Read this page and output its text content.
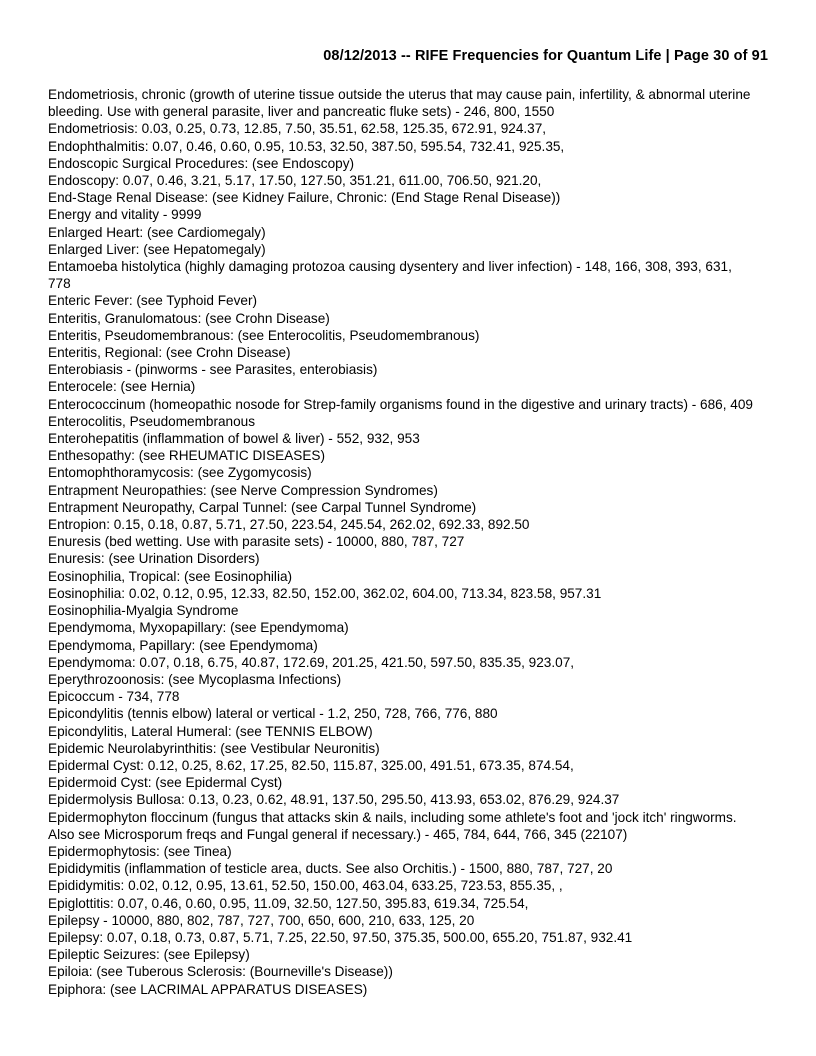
08/12/2013 -- RIFE Frequencies for Quantum Life | Page 30 of 91

Endometriosis, chronic (growth of uterine tissue outside the uterus that may cause pain, infertility, & abnormal uterine bleeding. Use with general parasite, liver and pancreatic fluke sets) - 246, 800, 1550

Endometriosis: 0.03, 0.25, 0.73, 12.85, 7.50, 35.51, 62.58, 125.35, 672.91, 924.37,

Endophthalmitis: 0.07, 0.46, 0.60, 0.95, 10.53, 32.50, 387.50, 595.54, 732.41, 925.35,

Endoscopic Surgical Procedures: (see Endoscopy)

Endoscopy: 0.07, 0.46, 3.21, 5.17, 17.50, 127.50, 351.21, 611.00, 706.50, 921.20,

End-Stage Renal Disease: (see Kidney Failure, Chronic: (End Stage Renal Disease))

Energy and vitality - 9999

Enlarged Heart: (see Cardiomegaly)

Enlarged Liver: (see Hepatomegaly)

Entamoeba histolytica (highly damaging protozoa causing dysentery and liver infection) - 148, 166, 308, 393, 631, 778

Enteric Fever: (see Typhoid Fever)

Enteritis, Granulomatous: (see Crohn Disease)

Enteritis, Pseudomembranous: (see Enterocolitis, Pseudomembranous)

Enteritis, Regional: (see Crohn Disease)

Enterobiasis - (pinworms - see Parasites, enterobiasis)

Enterocele: (see Hernia)

Enterococcinum (homeopathic nosode for Strep-family organisms found in the digestive and urinary tracts) - 686, 409

Enterocolitis, Pseudomembranous

Enterohepatitis (inflammation of bowel & liver) - 552, 932, 953

Enthesopathy: (see RHEUMATIC DISEASES)

Entomophthoramycosis: (see Zygomycosis)

Entrapment Neuropathies: (see Nerve Compression Syndromes)

Entrapment Neuropathy, Carpal Tunnel: (see Carpal Tunnel Syndrome)

Entropion: 0.15, 0.18, 0.87, 5.71, 27.50, 223.54, 245.54, 262.02, 692.33, 892.50

Enuresis (bed wetting. Use with parasite sets) - 10000, 880, 787, 727

Enuresis: (see Urination Disorders)

Eosinophilia, Tropical: (see Eosinophilia)

Eosinophilia: 0.02, 0.12, 0.95, 12.33, 82.50, 152.00, 362.02, 604.00, 713.34, 823.58, 957.31

Eosinophilia-Myalgia Syndrome

Ependymoma, Myxopapillary: (see Ependymoma)

Ependymoma, Papillary: (see Ependymoma)

Ependymoma: 0.07, 0.18, 6.75, 40.87, 172.69, 201.25, 421.50, 597.50, 835.35, 923.07,

Eperythrozoonosis: (see Mycoplasma Infections)

Epicoccum - 734, 778

Epicondylitis (tennis elbow) lateral or vertical - 1.2, 250, 728, 766, 776, 880

Epicondylitis, Lateral Humeral: (see TENNIS ELBOW)

Epidemic Neurolabyrinthitis: (see Vestibular Neuronitis)

Epidermal Cyst: 0.12, 0.25, 8.62, 17.25, 82.50, 115.87, 325.00, 491.51, 673.35, 874.54,

Epidermoid Cyst: (see Epidermal Cyst)

Epidermolysis Bullosa: 0.13, 0.23, 0.62, 48.91, 137.50, 295.50, 413.93, 653.02, 876.29, 924.37

Epidermophyton floccinum (fungus that attacks skin & nails, including some athlete's foot and 'jock itch' ringworms. Also see Microsporum freqs and Fungal general if necessary.) - 465, 784, 644, 766, 345 (22107)

Epidermophytosis: (see Tinea)

Epididymitis (inflammation of testicle area, ducts. See also Orchitis.) - 1500, 880, 787, 727, 20

Epididymitis: 0.02, 0.12, 0.95, 13.61, 52.50, 150.00, 463.04, 633.25, 723.53, 855.35, ,

Epiglottitis: 0.07, 0.46, 0.60, 0.95, 11.09, 32.50, 127.50, 395.83, 619.34, 725.54,

Epilepsy - 10000, 880, 802, 787, 727, 700, 650, 600, 210, 633, 125, 20

Epilepsy: 0.07, 0.18, 0.73, 0.87, 5.71, 7.25, 22.50, 97.50, 375.35, 500.00, 655.20, 751.87, 932.41

Epileptic Seizures: (see Epilepsy)

Epiloia: (see Tuberous Sclerosis: (Bourneville's Disease))

Epiphora: (see LACRIMAL APPARATUS DISEASES)
